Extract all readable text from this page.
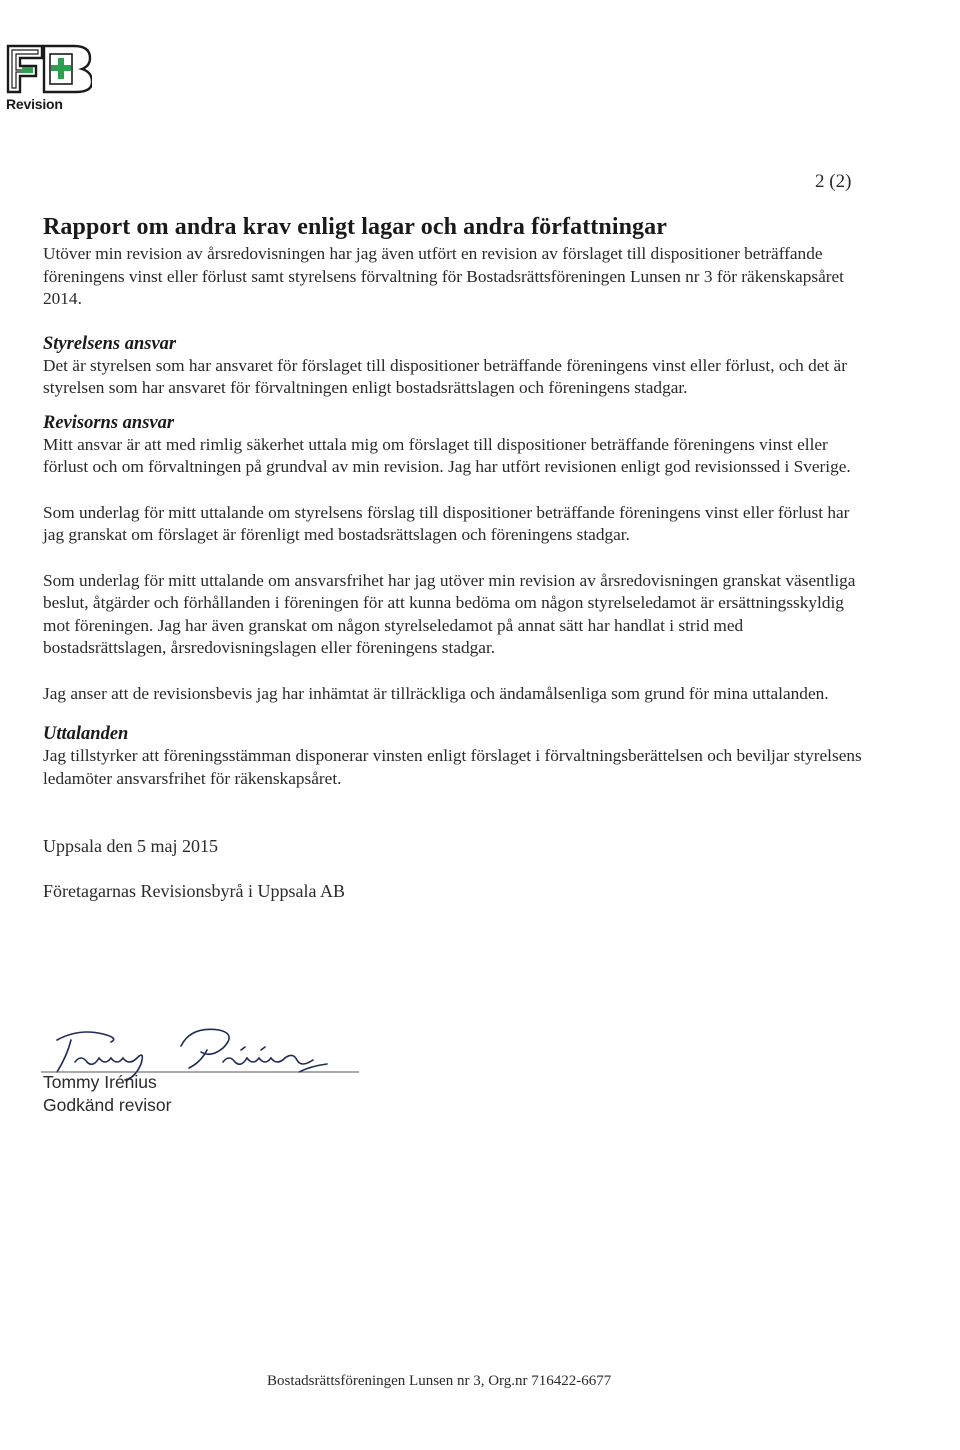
Revision
2 (2)
Rapport om andra krav enligt lagar och andra författningar

Utöver min revision av årsredovisningen har jag även utfört en revision av förslaget till dispositioner beträffande föreningens vinst eller förlust samt styrelsens förvaltning för Bostadsrättsföreningen Lunsen nr 3 för räkenskapsåret 2014.

Styrelsens ansvar

Det är styrelsen som har ansvaret för förslaget till dispositioner beträffande föreningens vinst eller förlust, och det är styrelsen som har ansvaret för förvaltningen enligt bostadsrättslagen och föreningens stadgar.

Revisorns ansvar

Mitt ansvar är att med rimlig säkerhet uttala mig om förslaget till dispositioner beträffande föreningens vinst eller förlust och om förvaltningen på grundval av min revision. Jag har utfört revisionen enligt god revisionssed i Sverige.

Som underlag för mitt uttalande om styrelsens förslag till dispositioner beträffande föreningens vinst eller förlust har jag granskat om förslaget är förenligt med bostadsrättslagen och föreningens stadgar.

Som underlag för mitt uttalande om ansvarsfrihet har jag utöver min revision av årsredovisningen granskat väsentliga beslut, åtgärder och förhållanden i föreningen för att kunna bedöma om någon styrelseledamot är ersättningsskyldig mot föreningen. Jag har även granskat om någon styrelseledamot på annat sätt har handlat i strid med bostadsrättslagen, årsredovisningslagen eller föreningens stadgar.

Jag anser att de revisionsbevis jag har inhämtat är tillräckliga och ändamålsenliga som grund för mina uttalanden.

Uttalanden

Jag tillstyrker att föreningsstämman disponerar vinsten enligt förslaget i förvaltningsberättelsen och beviljar styrelsens ledamöter ansvarsfrihet för räkenskapsåret.

Uppsala den 5 maj 2015

Företagarnas Revisionsbyrå i Uppsala AB

Tommy Irénius
Godkänd revisor
Bostadsrättsföreningen Lunsen nr 3, Org.nr 716422-6677
